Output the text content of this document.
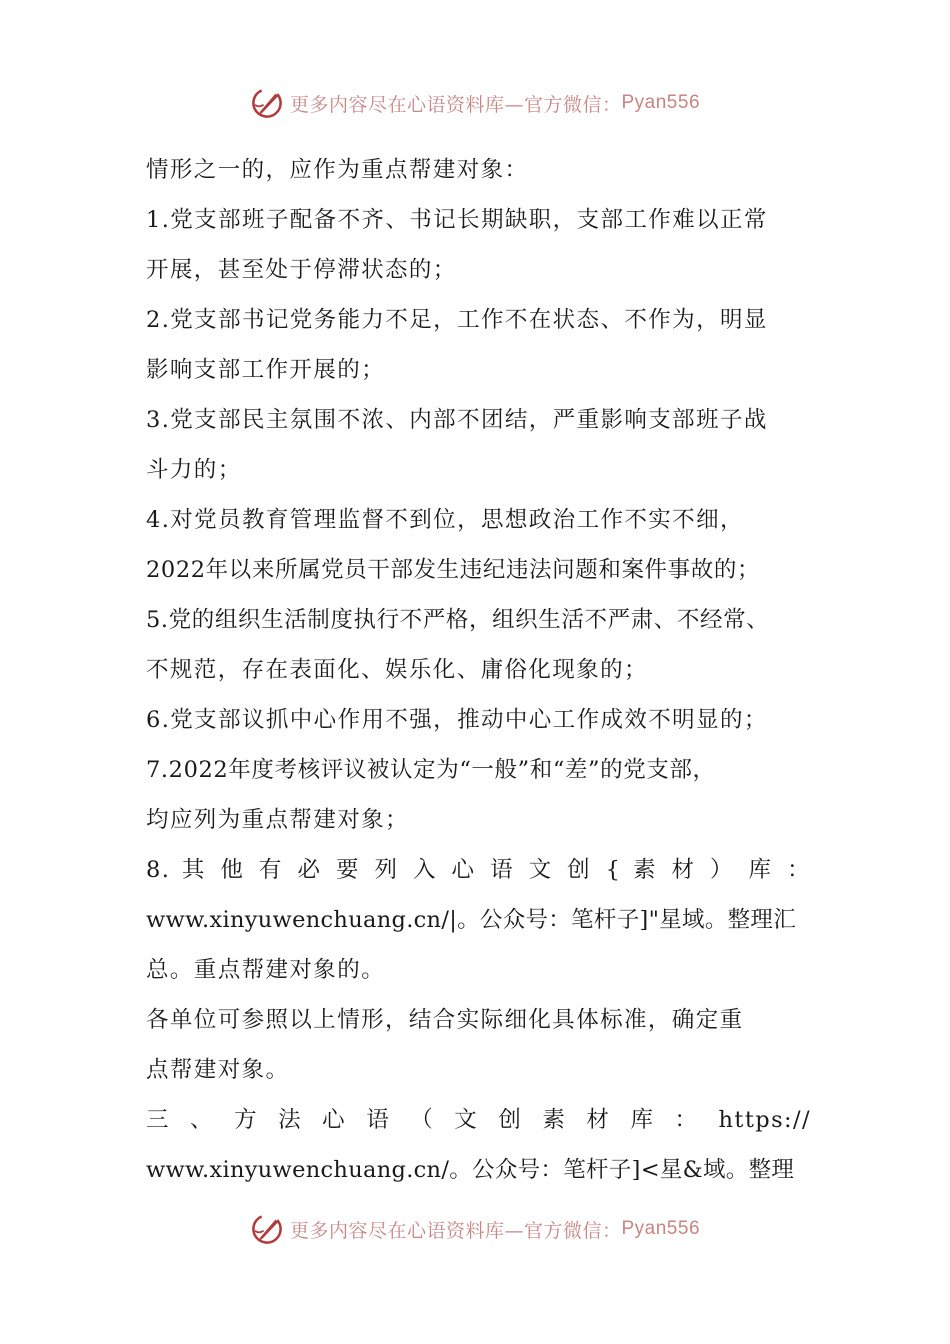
更多内容尽在心语资料库—官方微信： Pyan556
情形之一的，应作为重点帮建对象：
1.党支部班子配备不齐、书记长期缺职，支部工作难以正常
开展，甚至处于停滞状态的；
2.党支部书记党务能力不足，工作不在状态、不作为，明显
影响支部工作开展的；
3.党支部民主氛围不浓、内部不团结，严重影响支部班子战
斗力的；
4.对党员教育管理监督不到位，思想政治工作不实不细，
2022年以来所属党员干部发生违纪违法问题和案件事故的；
5.党的组织生活制度执行不严格，组织生活不严肃、不经常、
不规范，存在表面化、娱乐化、庸俗化现象的；
6.党支部议抓中心作用不强，推动中心工作成效不明显的；
7.2022年度考核评议被认定为“一般”和“差”的党支部，
均应列为重点帮建对象；
8. 其 他 有 必 要 列 入 心 语 文 创 { 素 材 ） 库 ：
www.xinyuwenchuang.cn/|。公众号：笔杆子]"星域。整理汇
总。重点帮建对象的。
各单位可参照以上情形，结合实际细化具体标准，确定重
点帮建对象。
三 、 方 法 心 语 （ 文 创 素 材 库 ： https://
www.xinyuwenchuang.cn/。公众号：笔杆子]<星&域。整理
更多内容尽在心语资料库—官方微信： Pyan556
